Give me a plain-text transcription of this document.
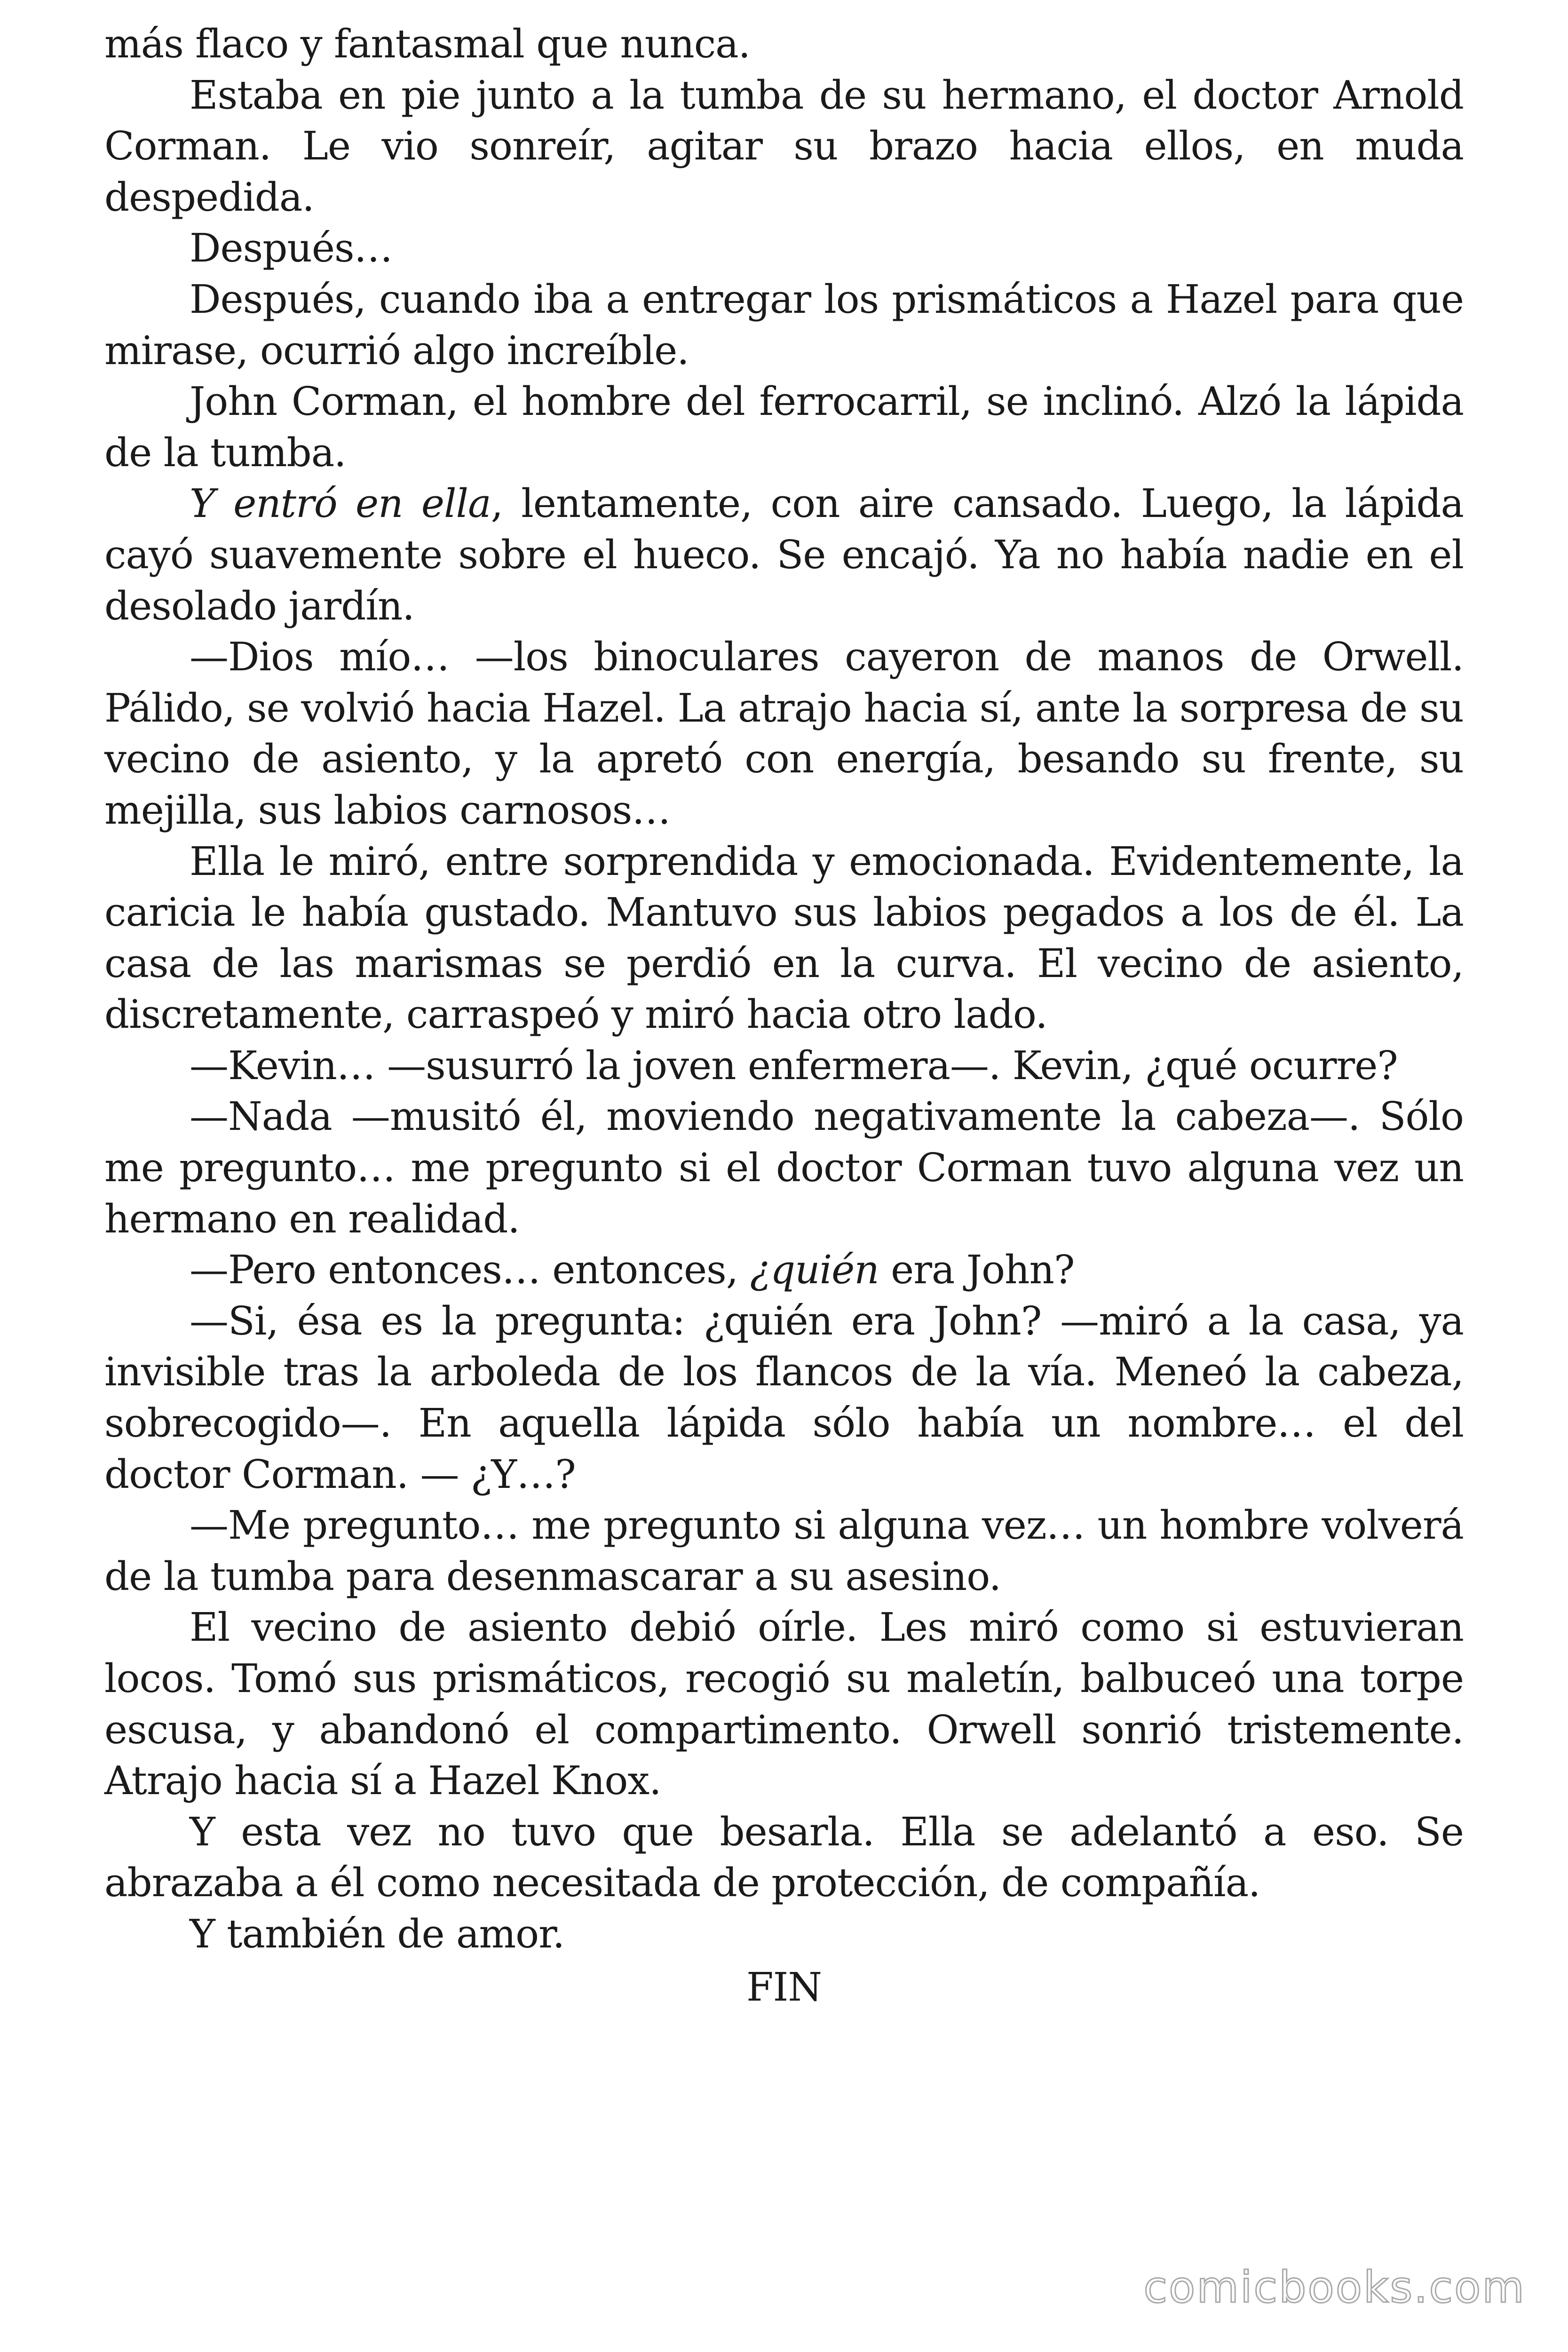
más flaco y fantasmal que nunca.

Estaba en pie junto a la tumba de su hermano, el doctor Arnold Corman. Le vio sonreír, agitar su brazo hacia ellos, en muda despedida.

Después…

Después, cuando iba a entregar los prismáticos a Hazel para que mirase, ocurrió algo increíble.

John Corman, el hombre del ferrocarril, se inclinó. Alzó la lápida de la tumba.

Y entró en ella, lentamente, con aire cansado. Luego, la lápida cayó suavemente sobre el hueco. Se encajó. Ya no había nadie en el desolado jardín.

—Dios mío… —los binoculares cayeron de manos de Orwell. Pálido, se volvió hacia Hazel. La atrajo hacia sí, ante la sorpresa de su vecino de asiento, y la apretó con energía, besando su frente, su mejilla, sus labios carnosos…

Ella le miró, entre sorprendida y emocionada. Evidentemente, la caricia le había gustado. Mantuvo sus labios pegados a los de él. La casa de las marismas se perdió en la curva. El vecino de asiento, discretamente, carraspeó y miró hacia otro lado.

—Kevin… —susurró la joven enfermera—. Kevin, ¿qué ocurre?

—Nada —musitó él, moviendo negativamente la cabeza—. Sólo me pregunto… me pregunto si el doctor Corman tuvo alguna vez un hermano en realidad.

—Pero entonces… entonces, ¿quién era John?

—Si, ésa es la pregunta: ¿quién era John? —miró a la casa, ya invisible tras la arboleda de los flancos de la vía. Meneó la cabeza, sobrecogido—. En aquella lápida sólo había un nombre… el del doctor Corman. — ¿Y…?

—Me pregunto… me pregunto si alguna vez… un hombre volverá de la tumba para desenmascarar a su asesino.

El vecino de asiento debió oírle. Les miró como si estuvieran locos. Tomó sus prismáticos, recogió su maletín, balbuceó una torpe escusa, y abandonó el compartimento. Orwell sonrió tristemente. Atrajo hacia sí a Hazel Knox.

Y esta vez no tuvo que besarla. Ella se adelantó a eso. Se abrazaba a él como necesitada de protección, de compañía.

Y también de amor.

FIN

comicbooks.com
